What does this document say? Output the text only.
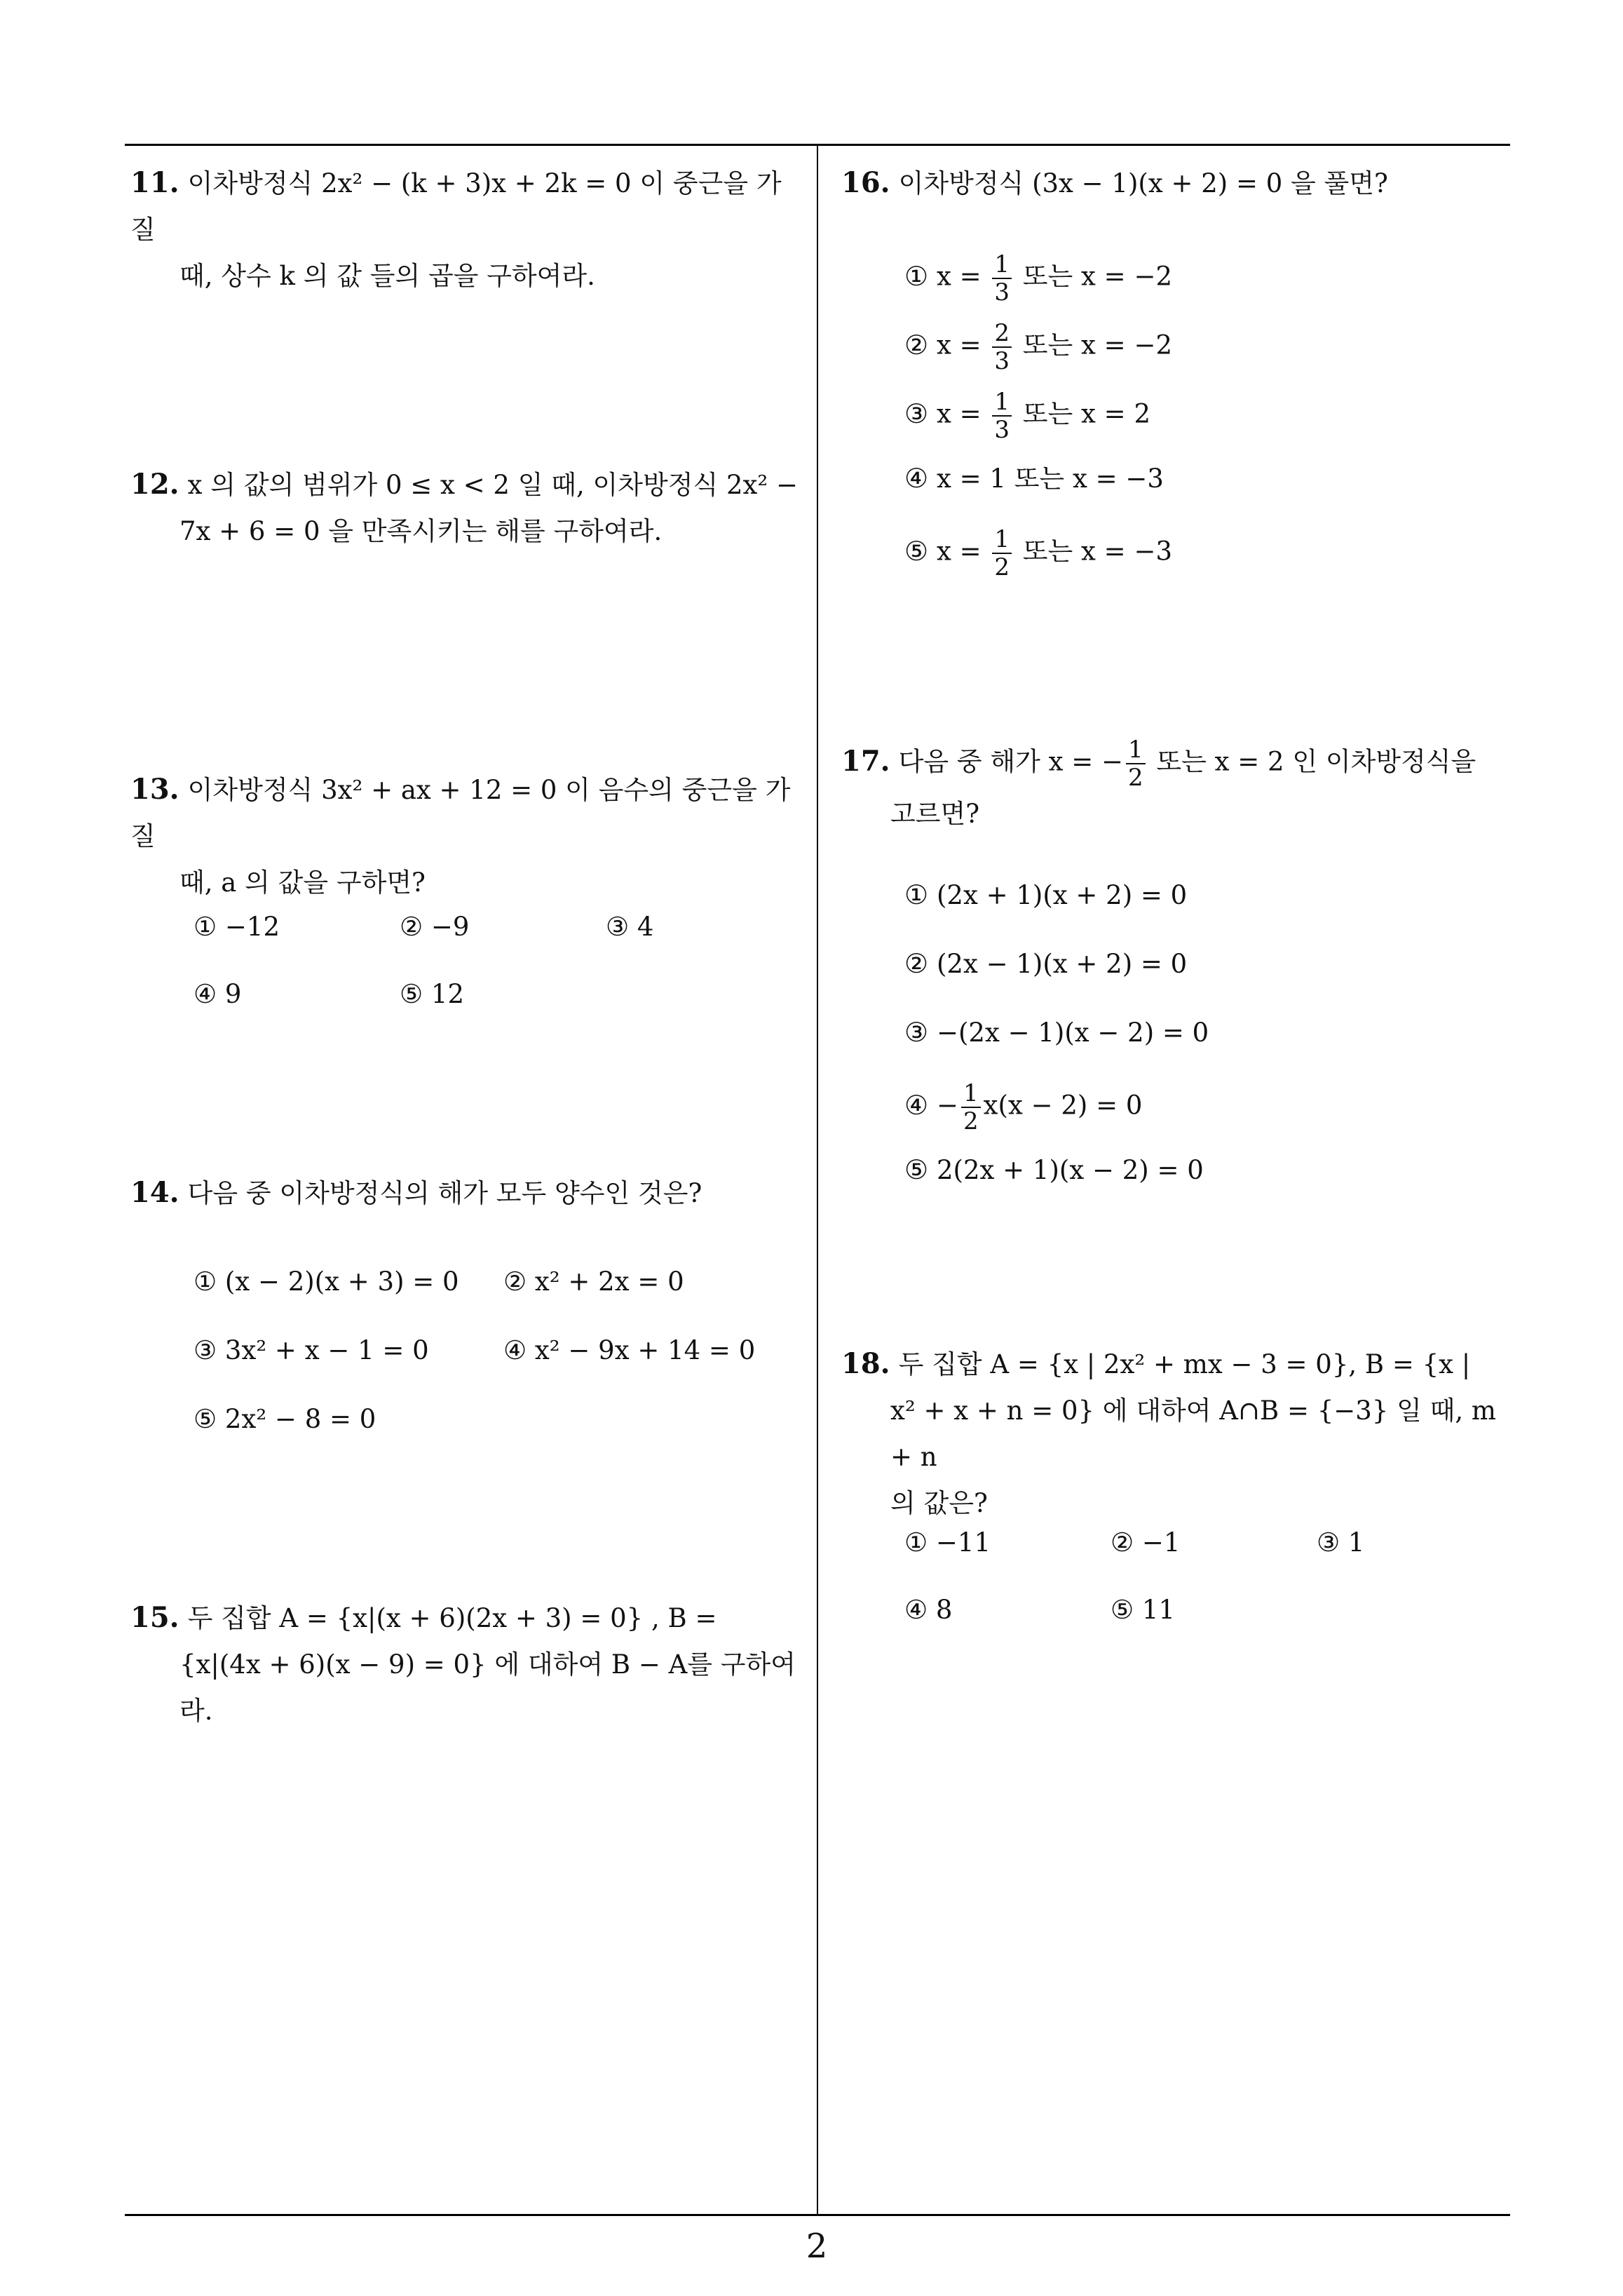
11. 이차방정식 2x² − (k + 3)x + 2k = 0 이 중근을 가질
때, 상수 k 의 값 들의 곱을 구하여라.
12. x 의 값의 범위가 0 ≤ x < 2 일 때, 이차방정식 2x² −
7x + 6 = 0 을 만족시키는 해를 구하여라.
13. 이차방정식 3x² + ax + 12 = 0 이 음수의 중근을 가질
때, a 의 값을 구하면?
① −12	② −9	③ 4
④ 9	⑤ 12
14. 다음 중 이차방정식의 해가 모두 양수인 것은?
① (x − 2)(x + 3) = 0 ② x² + 2x = 0
③ 3x² + x − 1 = 0	④ x² − 9x + 14 = 0
⑤ 2x² − 8 = 0
15. 두 집합 A = {x|(x + 6)(2x + 3) = 0} , B =
{x|(4x + 6)(x − 9) = 0} 에 대하여 B − A를 구하여
라.
16. 이차방정식 (3x − 1)(x + 2) = 0 을 풀면?
① $x = \frac{1}{3}$ 또는 x = −2
② $x = \frac{2}{3}$ 또는 x = −2
③ $x = \frac{1}{3}$ 또는 x = 2
④ x = 1 또는 x = −3
⑤ $x = \frac{1}{2}$ 또는 x = −3
17. 다음 중 해가 x = − $\frac{1}{2}$ 또는 x = 2 인 이차방정식을
고르면?
① (2x + 1)(x + 2) = 0
② (2x − 1)(x + 2) = 0
③ −(2x − 1)(x − 2) = 0
④ − $\frac{1}{2} x(x - 2) = 0$
⑤ 2(2x + 1)(x − 2) = 0
18. 두 집합 A = {x | 2x² + mx − 3 = 0}, B = {x |
x² + x + n = 0} 에 대하여 A∩B = {−3} 일 때, m + n
의 값은?
① −11	② −1	③ 1
④ 8	⑤ 11
2
